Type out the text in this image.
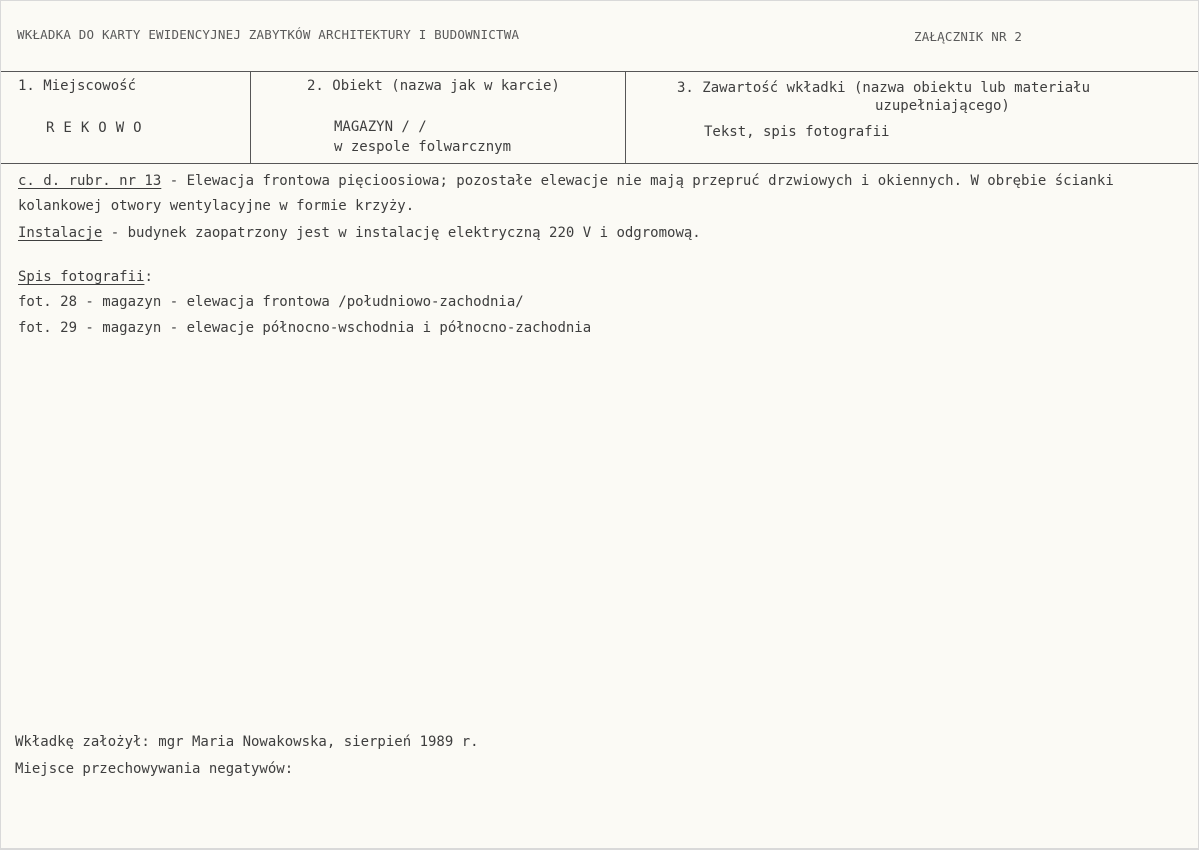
WKŁADKA DO KARTY EWIDENCYJNEJ ZABYTKÓW ARCHITEKTURY I BUDOWNICTWA	ZAŁĄCZNIK NR 2
1. Miejscowość
REKOWO
2. Obiekt (nazwa jak w karcie)
MAGAZYN / /
w zespole folwarcznym
3. Zawartość wkładki (nazwa obiektu lub materiału
uzupełniającego)
Tekst, spis fotografii
c. d. rubr. nr 13 - Elewacja frontowa pięcioosiowa; pozostałe elewacje nie mają przepruć drzwiowych i okiennych. W obrębie ścianki
kolankowej otwory wentylacyjne w formie krzyży.
Instalacje - budynek zaopatrzony jest w instalację elektryczną 220 V i odgromową.
Spis fotografii:
fot. 28 - magazyn - elewacja frontowa /południowo-zachodnia/
fot. 29 - magazyn - elewacje północno-wschodnia i północno-zachodnia
Wkładkę założył: mgr Maria Nowakowska, sierpień 1989 r.
Miejsce przechowywania negatywów:
